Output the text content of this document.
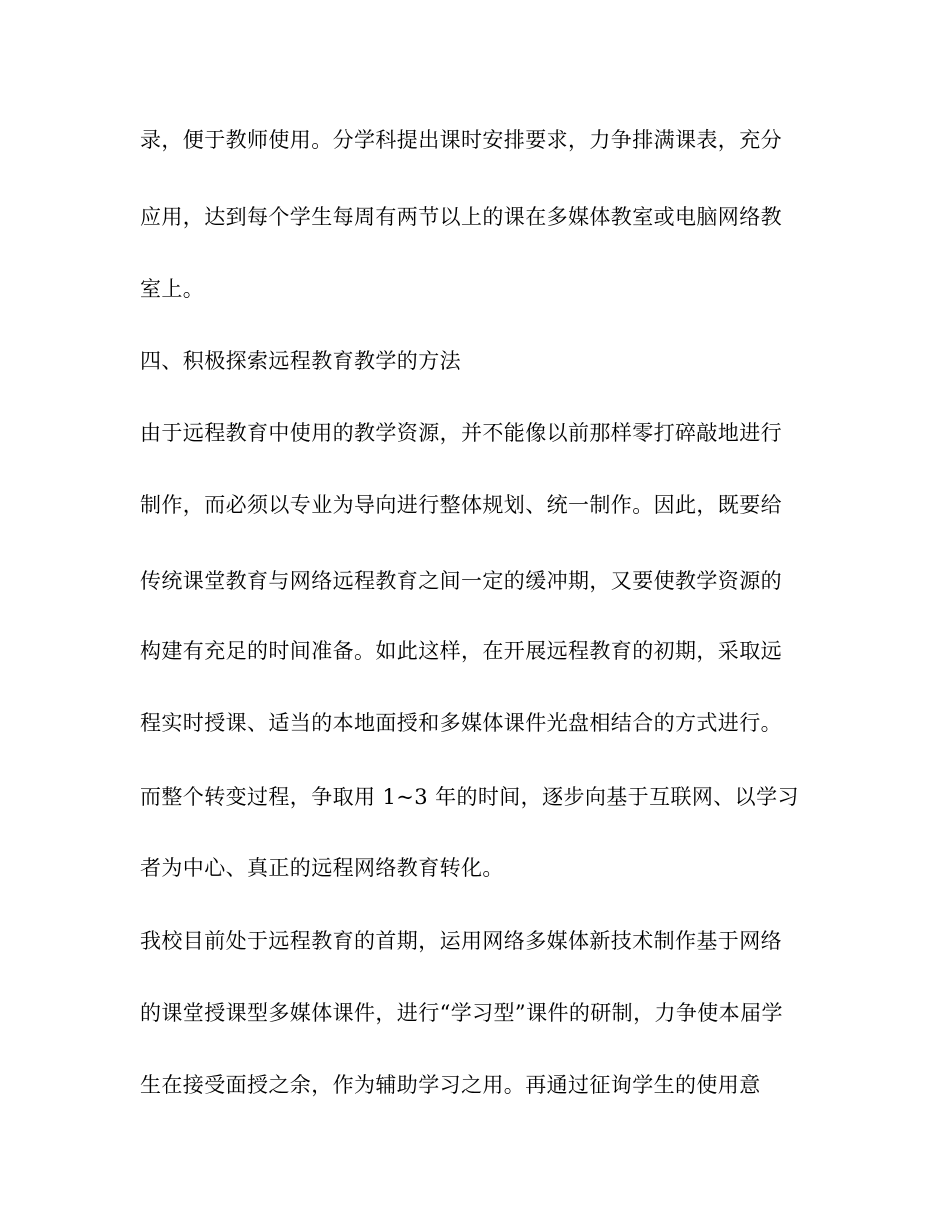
录，便于教师使用。分学科提出课时安排要求，力争排满课表，充分
应用，达到每个学生每周有两节以上的课在多媒体教室或电脑网络教
室上。
四、积极探索远程教育教学的方法
由于远程教育中使用的教学资源，并不能像以前那样零打碎敲地进行
制作，而必须以专业为导向进行整体规划、统一制作。因此，既要给
传统课堂教育与网络远程教育之间一定的缓冲期，又要使教学资源的
构建有充足的时间准备。如此这样，在开展远程教育的初期，采取远
程实时授课、适当的本地面授和多媒体课件光盘相结合的方式进行。
而整个转变过程，争取用 1~3 年的时间，逐步向基于互联网、以学习
者为中心、真正的远程网络教育转化。
我校目前处于远程教育的首期，运用网络多媒体新技术制作基于网络
的课堂授课型多媒体课件，进行“学习型”课件的研制，力争使本届学
生在接受面授之余，作为辅助学习之用。再通过征询学生的使用意
